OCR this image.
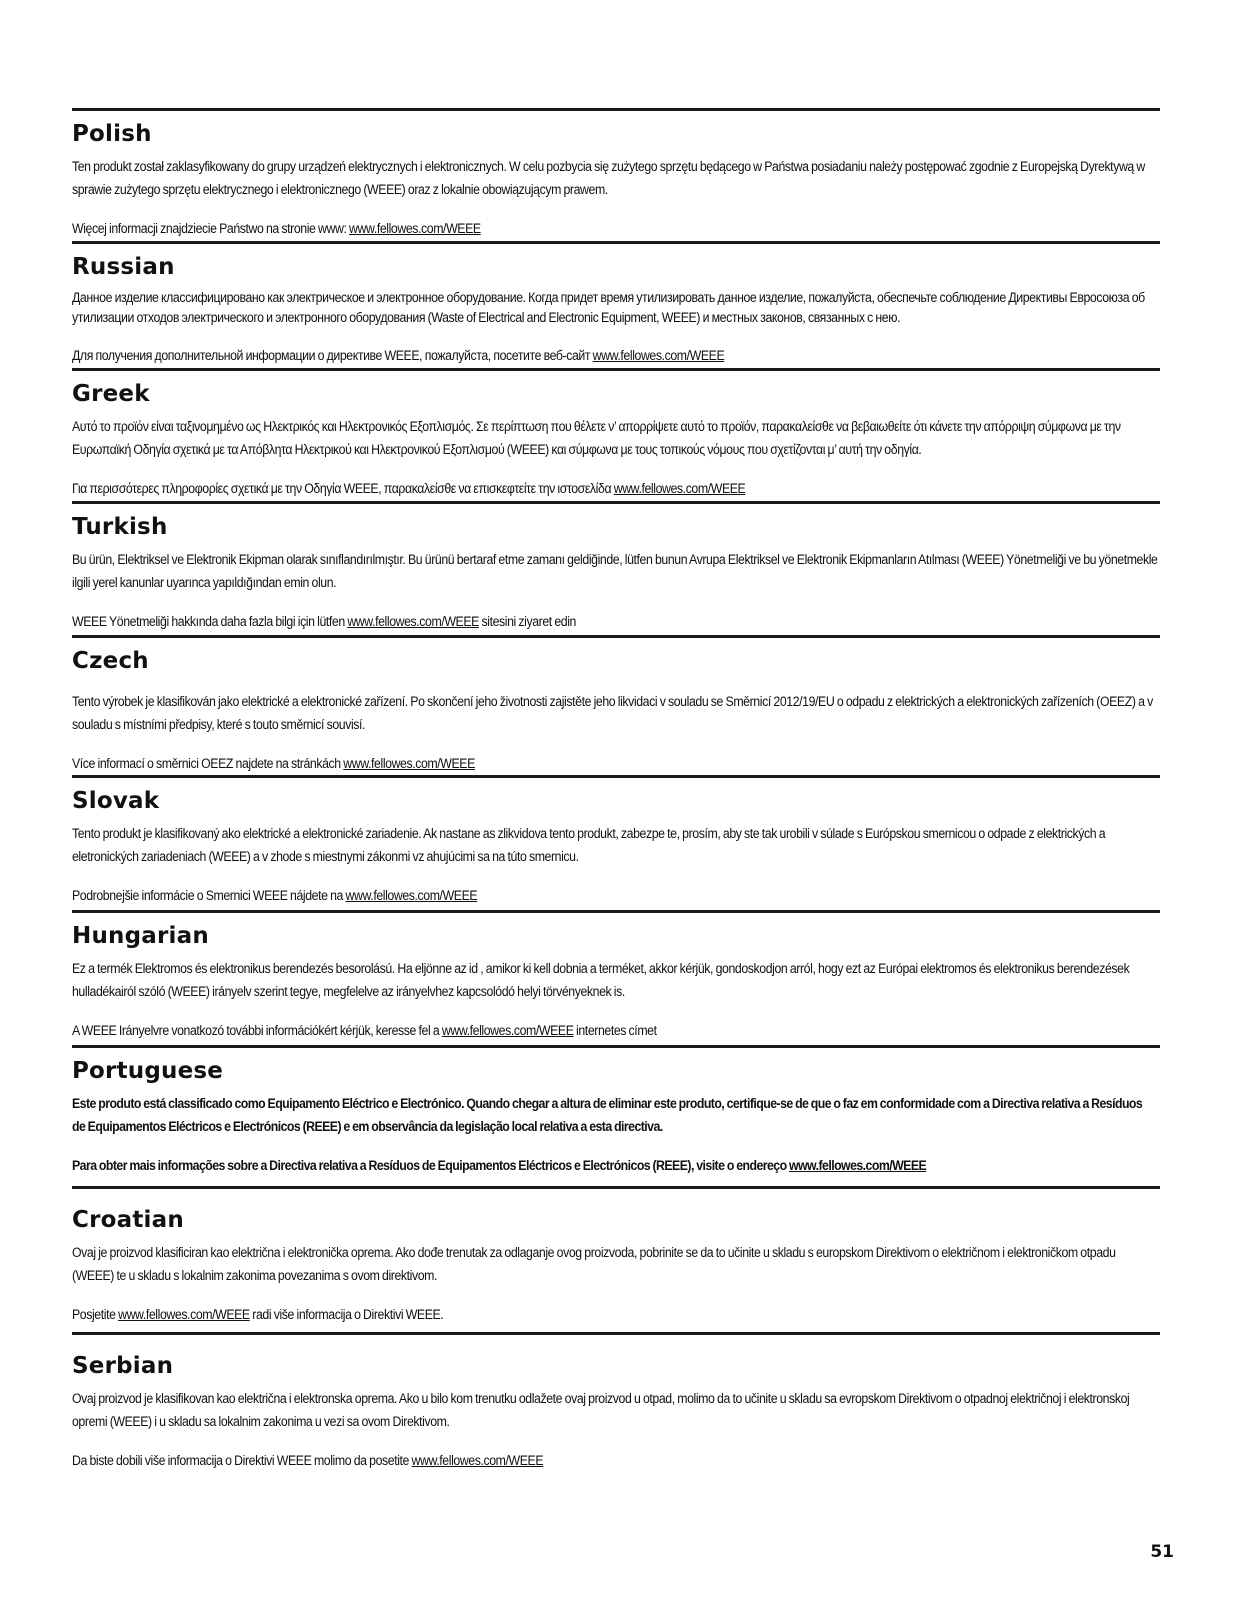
Polish
Ten produkt został zaklasyfikowany do grupy urządzeń elektrycznych i elektronicznych. W celu pozbycia się zużytego sprzętu będącego w Państwa posiadaniu należy postępować zgodnie z Europejską Dyrektywą w sprawie zużytego sprzętu elektrycznego i elektronicznego (WEEE) oraz z lokalnie obowiązującym prawem.
Więcej informacji znajdziecie Państwo na stronie www: www.fellowes.com/WEEE
Russian
Данное изделие классифицировано как электрическое и электронное оборудование. Когда придет время утилизировать данное изделие, пожалуйста, обеспечьте соблюдение Директивы Евросоюза об утилизации отходов электрического и электронного оборудования (Waste of Electrical and Electronic Equipment, WEEE) и местных законов, связанных с нею.
Для получения дополнительной информации о директиве WEEE, пожалуйста, посетите веб-сайт www.fellowes.com/WEEE
Greek
Αυτό το προϊόν είναι ταξινομημένο ως Ηλεκτρικός και Ηλεκτρονικός Εξοπλισμός. Σε περίπτωση που θέλετε ν’ απορρίψετε αυτό το προϊόν, παρακαλείσθε να βεβαιωθείτε ότι κάνετε την απόρριψη σύμφωνα με την Ευρωπαϊκή Οδηγία σχετικά με τα Απόβλητα Ηλεκτρικού και Ηλεκτρονικού Εξοπλισμού (WEEE) και σύμφωνα με τους τοπικούς νόμους που σχετίζονται μ’ αυτή την οδηγία.
Για περισσότερες πληροφορίες σχετικά με την Οδηγία WEEE, παρακαλείσθε να επισκεφτείτε την ιστοσελίδα www.fellowes.com/WEEE
Turkish
Bu ürün, Elektriksel ve Elektronik Ekipman olarak sınıflandırılmıştır. Bu ürünü bertaraf etme zamanı geldiğinde, lütfen bunun Avrupa Elektriksel ve Elektronik Ekipmanların Atılması (WEEE) Yönetmeliği ve bu yönetmekle ilgili yerel kanunlar uyarınca yapıldığından emin olun.
WEEE Yönetmeliği hakkında daha fazla bilgi için lütfen www.fellowes.com/WEEE sitesini ziyaret edin
Czech
Tento výrobek je klasifikován jako elektrické a elektronické zařízení. Po skončení jeho životnosti zajistěte jeho likvidaci v souladu se Směrnicí 2012/19/EU o odpadu z elektrických a elektronických zařízeních (OEEZ) a v souladu s místními předpisy, které s touto směrnicí souvisí.
Více informací o směrnici OEEZ najdete na stránkách www.fellowes.com/WEEE
Slovak
Tento produkt je klasifikovaný ako elektrické a elektronické zariadenie. Ak nastane as zlikvidova tento produkt, zabezpe te, prosím, aby ste tak urobili v súlade s Európskou smernicou o odpade z elektrických a eletronických zariadeniach (WEEE) a v zhode s miestnymi zákonmi vz ahujúcimi sa na túto smernicu.
Podrobnejšie informácie o Smernici WEEE nájdete na www.fellowes.com/WEEE
Hungarian
Ez a termék Elektromos és elektronikus berendezés besorolású. Ha eljönne az id , amikor ki kell dobnia a terméket, akkor kérjük, gondoskodjon arról, hogy ezt az Európai elektromos és elektronikus berendezések hulladékairól szóló (WEEE) irányelv szerint tegye, megfelelve az irányelvhez kapcsolódó helyi törvényeknek is.
A WEEE Irányelvre vonatkozó további információkért kérjük, keresse fel a www.fellowes.com/WEEE internetes címet
Portuguese
Este produto está classificado como Equipamento Eléctrico e Electrónico. Quando chegar a altura de eliminar este produto, certifique-se de que o faz em conformidade com a Directiva relativa a Resíduos de Equipamentos Eléctricos e Electrónicos (REEE) e em observância da legislação local relativa a esta directiva.
Para obter mais informações sobre a Directiva relativa a Resíduos de Equipamentos Eléctricos e Electrónicos (REEE), visite o endereço www.fellowes.com/WEEE
Croatian
Ovaj je proizvod klasificiran kao električna i elektronička oprema. Ako dođe trenutak za odlaganje ovog proizvoda, pobrinite se da to učinite u skladu s europskom Direktivom o električnom i elektroničkom otpadu (WEEE) te u skladu s lokalnim zakonima povezanima s ovom direktivom.
Posjetite www.fellowes.com/WEEE radi više informacija o Direktivi WEEE.
Serbian
Ovaj proizvod je klasifikovan kao električna i elektronska oprema. Ako u bilo kom trenutku odlažete ovaj proizvod u otpad, molimo da to učinite u skladu sa evropskom Direktivom o otpadnoj električnoj i elektronskoj opremi (WEEE) i u skladu sa lokalnim zakonima u vezi sa ovom Direktivom.
Da biste dobili više informacija o Direktivi WEEE molimo da posetite www.fellowes.com/WEEE
51
